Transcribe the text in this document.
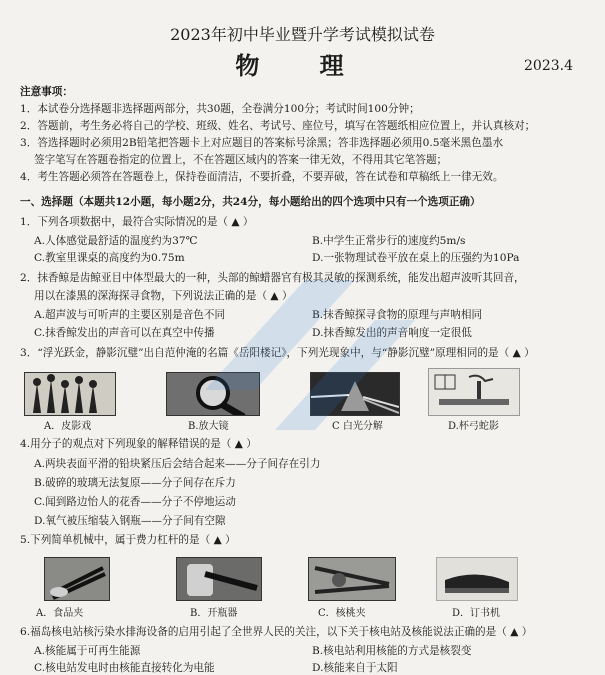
2023年初中毕业暨升学考试模拟试卷
物 理	2023.4
注意事项：
1．本试卷分选择题非选择题两部分，共30题，全卷满分100分；考试时间100分钟；
2．答题前，考生务必将自己的学校、班级、姓名、考试号、座位号，填写在答题纸相应位置上，并认真核对；
3．答选择题时必须用2B铅笔把答题卡上对应题目的答案标号涂黑；答非选择题必须用0.5毫米黑色墨水
签字笔写在答题卷指定的位置上，不在答题区域内的答案一律无效，不得用其它笔答题；
4．考生答题必须答在答题卷上，保持卷面清洁，不要折叠，不要弄破，答在试卷和草稿纸上一律无效。
一、选择题（本题共12小题，每小题2分，共24分，每小题给出的四个选项中只有一个选项正确）
1．下列各项数据中，最符合实际情况的是（ ▲ ）
A.人体感觉最舒适的温度约为37℃	B.中学生正常步行的速度约5m/s
C.教室里课桌的高度约为0.75m	D.一张物理试卷平放在桌上的压强约为10Pa
2．抹香鲸是齿鲸亚目中体型最大的一种，头部的鲸蜡器官有极其灵敏的探测系统，能发出超声波听其回音，
用以在漆黑的深海探寻食物，下列说法正确的是（ ▲ ）
A.超声波与可听声的主要区别是音色不同	B.抹香鲸探寻食物的原理与声呐相同
C.抹香鲸发出的声音可以在真空中传播	D.抹香鲸发出的声音响度一定很低
3．“浮光跃金，静影沉璧”出自范仲淹的名篇《岳阳楼记》，下列光现象中，与“静影沉璧”原理相同的是（ ▲ ）
A．皮影戏	B.放大镜	C 白光分解	D.杯弓蛇影
4.用分子的观点对下列现象的解释错误的是（ ▲ ）
A.两块表面平滑的铅块紧压后会结合起来——分子间存在引力
B.破碎的玻璃无法复原——分子间存在斥力
C.闻到路边怡人的花香——分子不停地运动
D.氧气被压缩装入钢瓶——分子间有空隙
5.下列简单机械中，属于费力杠杆的是（ ▲ ）
A．食品夹	B．开瓶器	C．核桃夹	D．订书机
6.福岛核电站核污染水排海设备的启用引起了全世界人民的关注，以下关于核电站及核能说法正确的是（ ▲ ）
A.核能属于可再生能源	B.核电站利用核能的方式是核裂变
C.核电站发电时由核能直接转化为电能	D.核能来自于太阳
